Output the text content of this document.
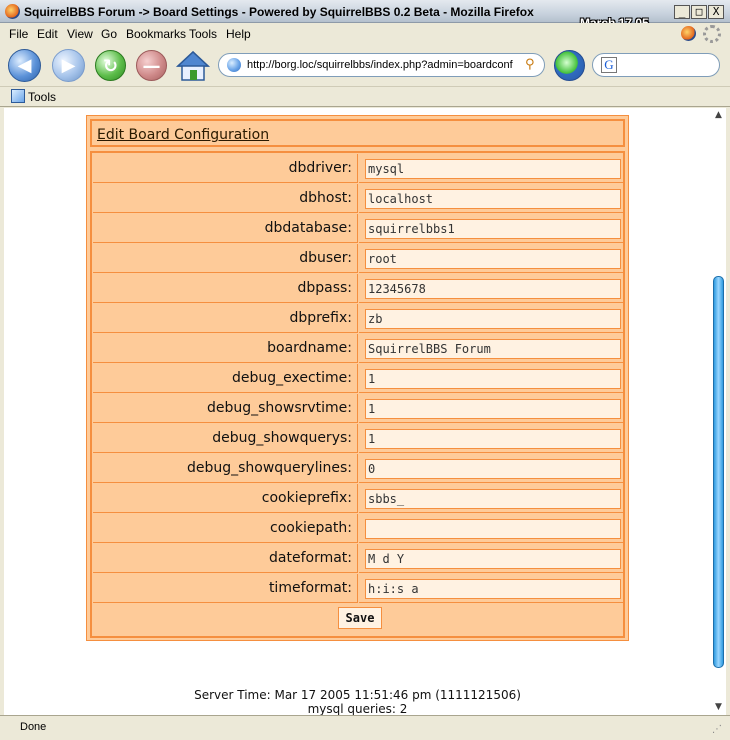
SquirrelBBS Forum -> Board Settings - Powered by SquirrelBBS 0.2 Beta - Mozilla Firefox	_ □ X
File Edit View Go Bookmarks Tools Help
◀	▶	↻	—	http://borg.loc/squirrelbbs/index.php?admin=boardconf ⚲	G
Tools
Edit Board Configuration
dbdriver:
mysql
dbhost:
localhost
dbdatabase:
squirrelbbs1
dbuser:
root
dbpass:
12345678
dbprefix:
zb
boardname:
SquirrelBBS Forum
debug_exectime:
1
debug_showsrvtime:
1
debug_showquerys:
1
debug_showquerylines:
0
cookieprefix:
sbbs_
cookiepath:
dateformat:
M d Y
timeformat:
h:i:s a
Save
Server Time: Mar 17 2005 11:51:46 pm (1111121506)
mysql queries: 2
▲
▼
Done	⋰
